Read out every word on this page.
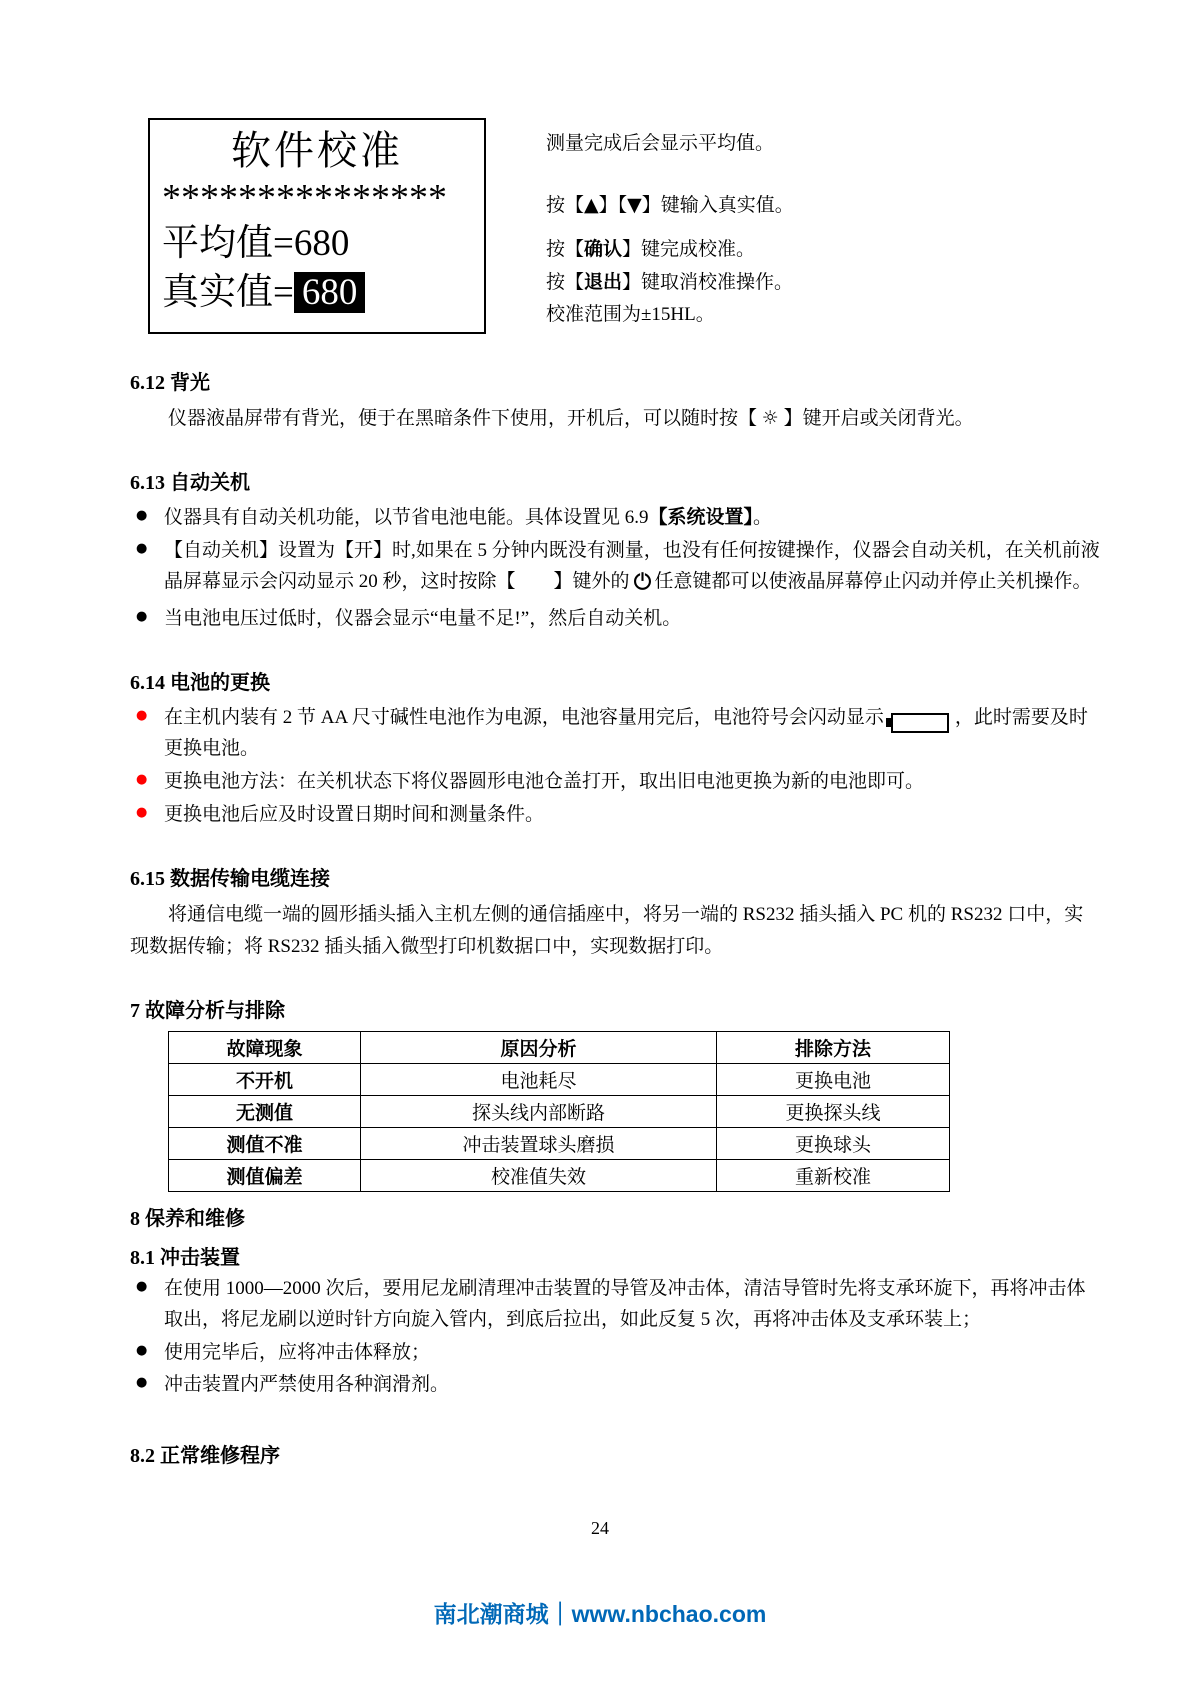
软件校准
***************
平均值=680
真实值= 680

测量完成后会显示平均值。

按【▲】【▼】键输入真实值。

按【确认】键完成校准。

按【退出】键取消校准操作。

校准范围为±15HL。

6.12 背光

仪器液晶屏带有背光，便于在黑暗条件下使用，开机后，可以随时按【 ☼ 】键开启或关闭背光。

6.13 自动关机
● 仪器具有自动关机功能，以节省电池电能。具体设置见 6.9【系统设置】。
● 【自动关机】设置为【开】时,如果在 5 分钟内既没有测量，也没有任何按键操作，仪器会自动关机，在关机前液晶屏幕显示会闪动显示 20 秒，这时按除【　　】键外的 任意键都可以使液晶屏幕停止闪动并停止关机操作。
● 当电池电压过低时，仪器会显示“电量不足!”，然后自动关机。
6.14 电池的更换
● 在主机内装有 2 节 AA 尺寸碱性电池作为电源，电池容量用完后，电池符号会闪动显示	，此时需要及时更换电池。
● 更换电池方法：在关机状态下将仪器圆形电池仓盖打开，取出旧电池更换为新的电池即可。
● 更换电池后应及时设置日期时间和测量条件。
6.15 数据传输电缆连接

将通信电缆一端的圆形插头插入主机左侧的通信插座中，将另一端的 RS232 插头插入 PC 机的 RS232 口中，实现数据传输；将 RS232 插头插入微型打印机数据口中，实现数据打印。

7 故障分析与排除
故障现象	原因分析	排除方法
不开机	电池耗尽	更换电池
无测值	探头线内部断路	更换探头线
测值不准	冲击装置球头磨损	更换球头
测值偏差	校准值失效	重新校准
8 保养和维修
8.1 冲击装置
● 在使用 1000—2000 次后，要用尼龙刷清理冲击装置的导管及冲击体，清洁导管时先将支承环旋下，再将冲击体取出，将尼龙刷以逆时针方向旋入管内，到底后拉出，如此反复 5 次，再将冲击体及支承环装上；
● 使用完毕后，应将冲击体释放；
● 冲击装置内严禁使用各种润滑剂。
8.2 正常维修程序
24
南北潮商城｜www.nbchao.com
